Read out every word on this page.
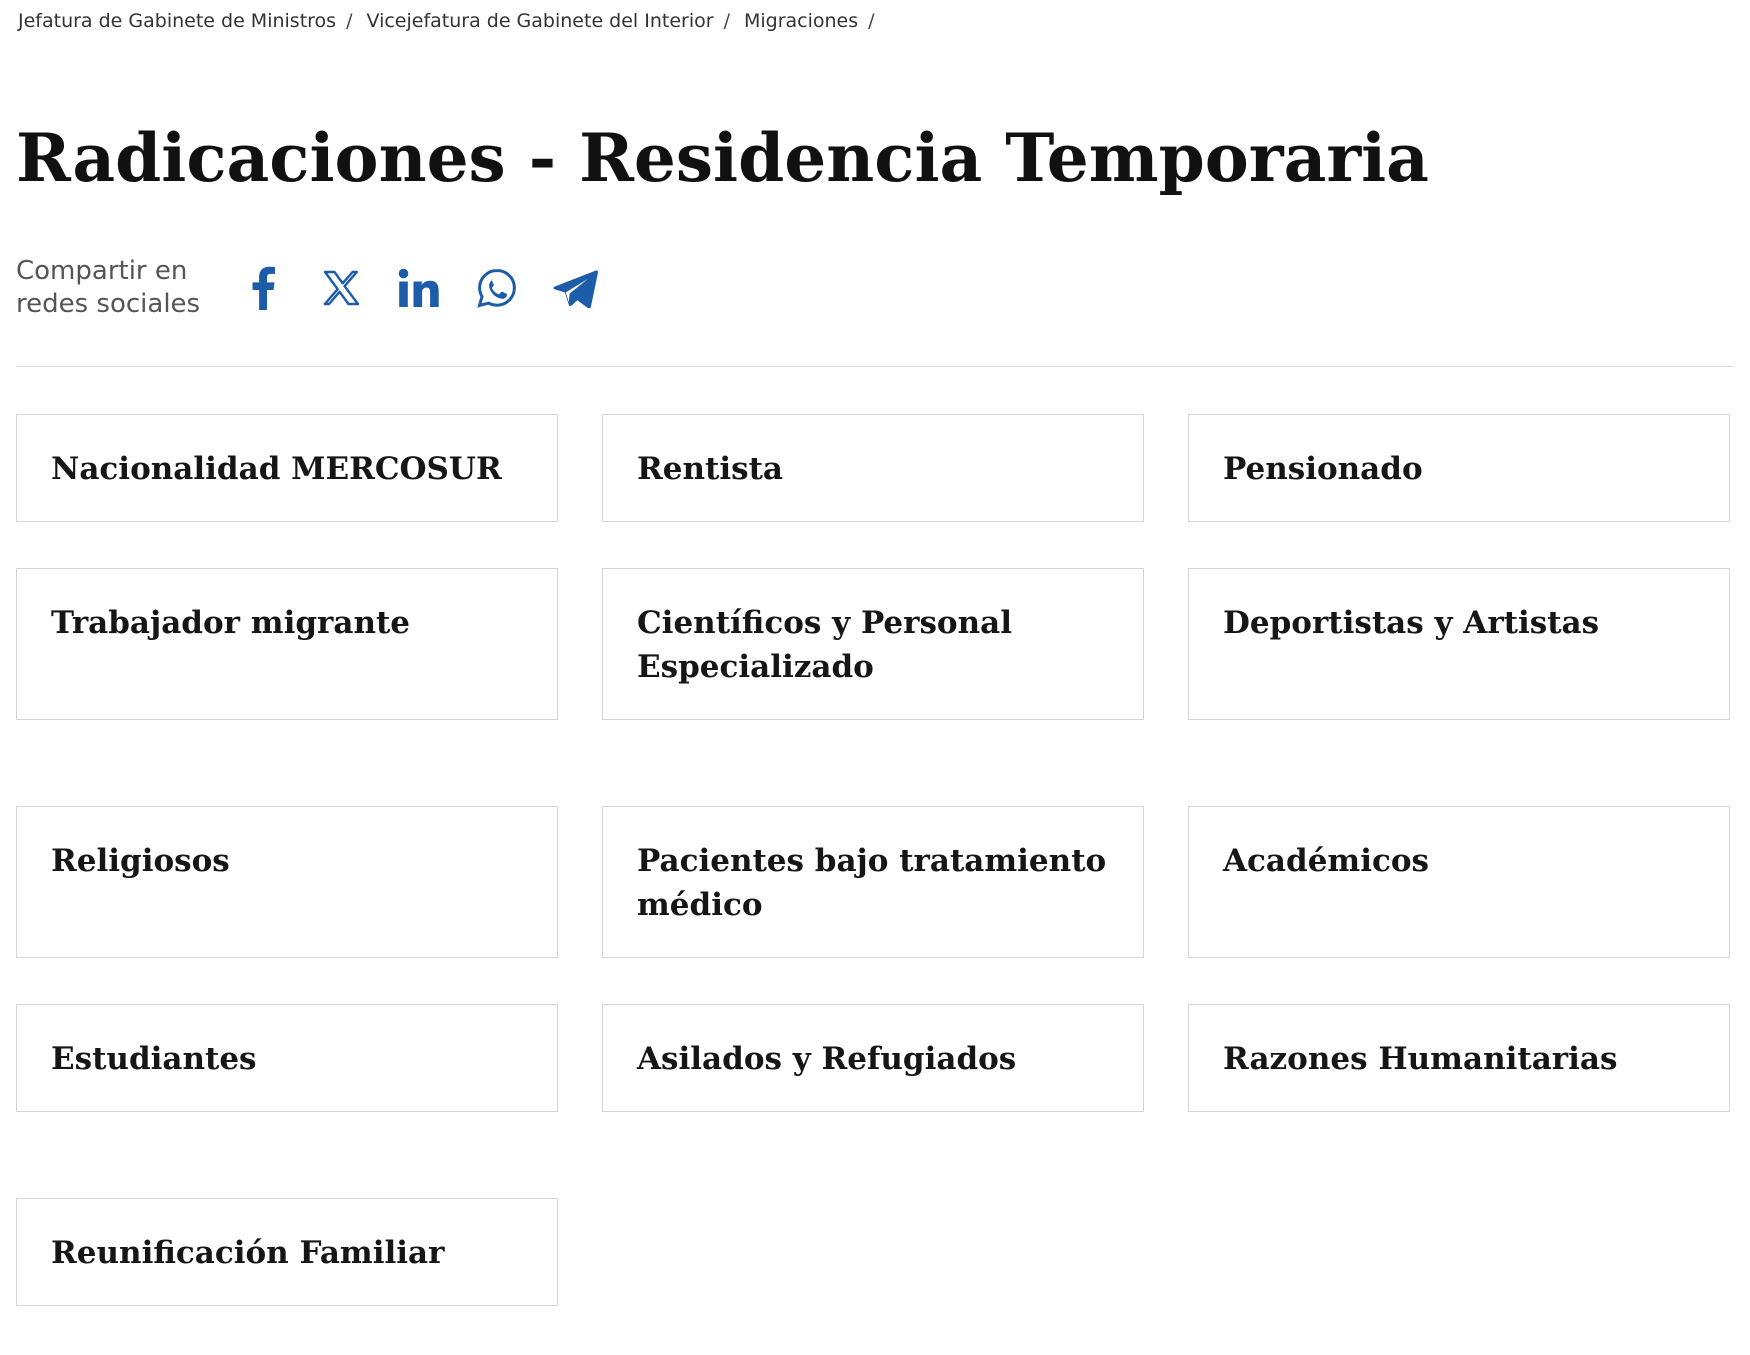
Jefatura de Gabinete de Ministros / Vicejefatura de Gabinete del Interior / Migraciones /
Radicaciones - Residencia Temporaria
Compartir en
redes sociales
Nacionalidad MERCOSUR	Rentista	Pensionado
Trabajador migrante	Científicos y Personal Especializado
Deportistas y Artistas
Religiosos	Pacientes bajo tratamiento médico
Académicos
Estudiantes	Asilados y Refugiados	Razones Humanitarias
Reunificación Familiar
